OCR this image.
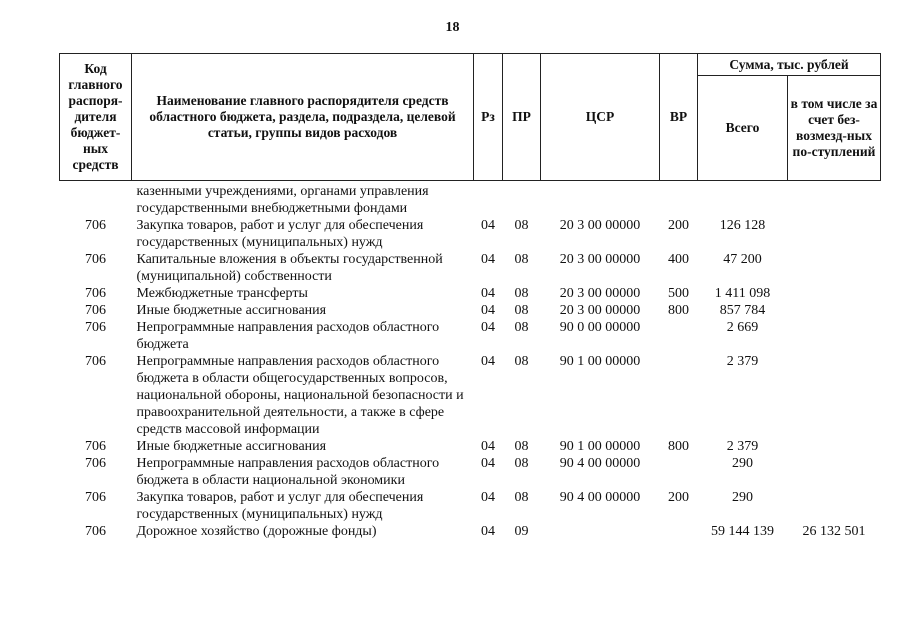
18
Код главного распоря-дителя бюджет-ных средств	Наименование главного распорядителя средств областного бюджета, раздела, подраздела, целевой статьи, группы видов расходов	Рз	ПР	ЦСР	ВР	Сумма, тыс. рублей	
						Всего	в том числе за счет без-возмезд-ных по-ступлений
	казенными учреждениями, органами управления государственными внебюджетными фондами						
706	Закупка товаров, работ и услуг для обеспечения государственных (муниципальных) нужд	04	08	20 3 00 00000	200	126 128	
706	Капитальные вложения в объекты государственной (муниципальной) собственности	04	08	20 3 00 00000	400	47 200	
706	Межбюджетные трансферты	04	08	20 3 00 00000	500	1 411 098	
706	Иные бюджетные ассигнования	04	08	20 3 00 00000	800	857 784	
706	Непрограммные направления расходов областного бюджета	04	08	90 0 00 00000		2 669	
706	Непрограммные направления расходов областного бюджета в области общегосударственных вопросов, национальной обороны, национальной безопасности и правоохранительной деятельности, а также в сфере средств массовой информации	04	08	90 1 00 00000		2 379	
706	Иные бюджетные ассигнования	04	08	90 1 00 00000	800	2 379	
706	Непрограммные направления расходов областного бюджета в области национальной экономики	04	08	90 4 00 00000		290	
706	Закупка товаров, работ и услуг для обеспечения государственных (муниципальных) нужд	04	08	90 4 00 00000	200	290	
706	Дорожное хозяйство (дорожные фонды)	04	09			59 144 139	26 132 501
